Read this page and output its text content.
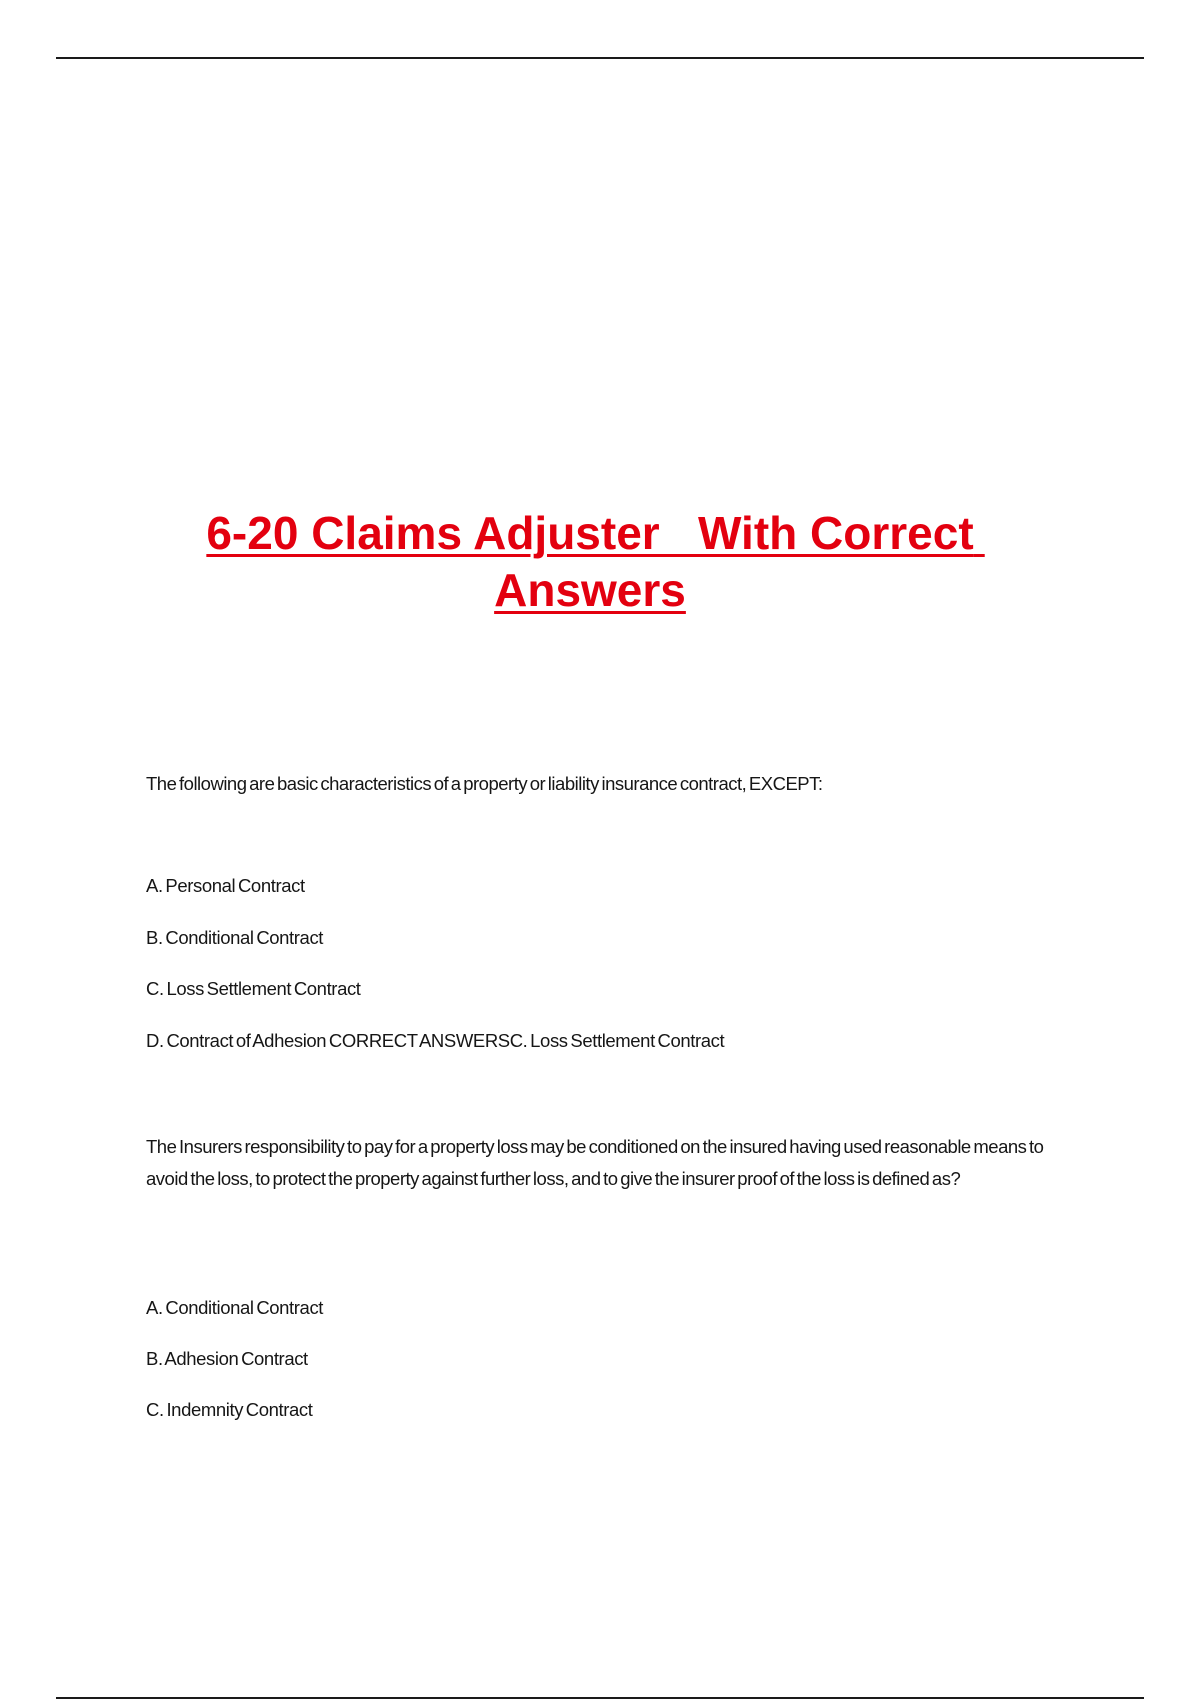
6-20 Claims Adjuster   With Correct Answers

The following are basic characteristics of a property or liability insurance contract, EXCEPT:

A. Personal Contract

B. Conditional Contract

C. Loss Settlement Contract

D. Contract of Adhesion CORRECT ANSWERSC. Loss Settlement Contract

The Insurers responsibility to pay for a property loss may be conditioned on the insured having used reasonable means to avoid the loss, to protect the property against further loss, and to give the insurer proof of the loss is defined as?

A. Conditional Contract

B. Adhesion Contract

C. Indemnity Contract
